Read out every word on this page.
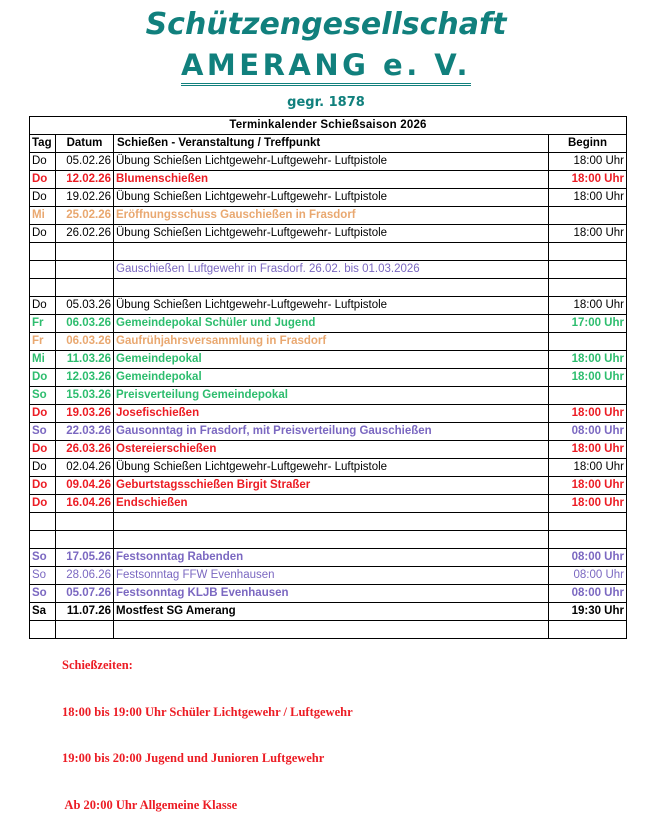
Schützengesellschaft
AMERANG e. V.
gegr. 1878
Terminkalender Schießsaison 2026			
Tag	Datum	Schießen - Veranstaltung / Treffpunkt	Beginn
Do	05.02.26	Übung Schießen Lichtgewehr-Luftgewehr- Luftpistole	18:00 Uhr
Do	12.02.26	Blumenschießen	18:00 Uhr
Do	19.02.26	Übung Schießen Lichtgewehr-Luftgewehr- Luftpistole	18:00 Uhr
Mi	25.02.26	Eröffnungsschuss Gauschießen in Frasdorf	
Do	26.02.26	Übung Schießen Lichtgewehr-Luftgewehr- Luftpistole	18:00 Uhr

		Gauschießen Luftgewehr in Frasdorf. 26.02. bis 01.03.2026	

Do	05.03.26	Übung Schießen Lichtgewehr-Luftgewehr- Luftpistole	18:00 Uhr
Fr	06.03.26	Gemeindepokal Schüler und Jugend	17:00 Uhr
Fr	06.03.26	Gaufrühjahrsversammlung in Frasdorf	
Mi	11.03.26	Gemeindepokal	18:00 Uhr
Do	12.03.26	Gemeindepokal	18:00 Uhr
So	15.03.26	Preisverteilung Gemeindepokal	
Do	19.03.26	Josefischießen	18:00 Uhr
So	22.03.26	Gausonntag in Frasdorf, mit Preisverteilung Gauschießen	08:00 Uhr
Do	26.03.26	Ostereierschießen	18:00 Uhr
Do	02.04.26	Übung Schießen Lichtgewehr-Luftgewehr- Luftpistole	18:00 Uhr
Do	09.04.26	Geburtstagsschießen Birgit Straßer	18:00 Uhr
Do	16.04.26	Endschießen	18:00 Uhr

So	17.05.26	Festsonntag Rabenden	08:00 Uhr
So	28.06.26	Festsonntag FFW Evenhausen	08:00 Uhr
So	05.07.26	Festsonntag KLJB Evenhausen	08:00 Uhr
Sa	11.07.26	Mostfest SG Amerang	19:30 Uhr

Schießzeiten:

18:00 bis 19:00 Uhr Schüler Lichtgewehr / Luftgewehr

19:00 bis 20:00 Jugend und Junioren Luftgewehr

Ab 20:00 Uhr Allgemeine Klasse
